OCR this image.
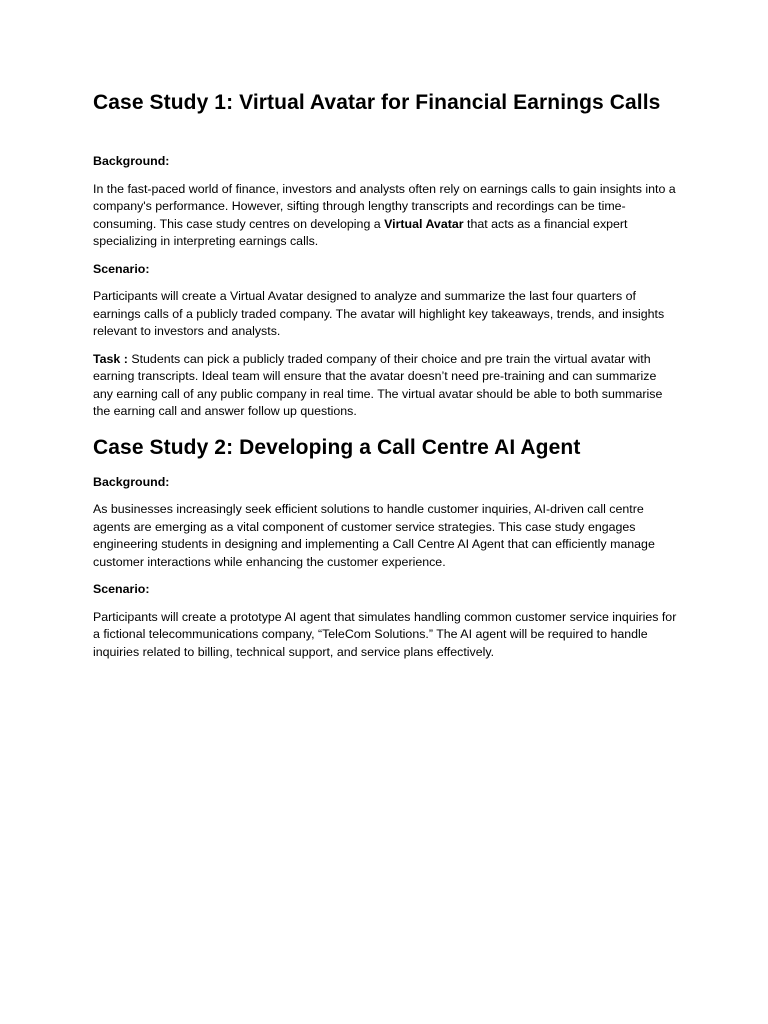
Case Study 1: Virtual Avatar for Financial Earnings Calls

Background:

In the fast-paced world of finance, investors and analysts often rely on earnings calls to gain insights into a company's performance. However, sifting through lengthy transcripts and recordings can be time-consuming. This case study centres on developing a Virtual Avatar that acts as a financial expert specializing in interpreting earnings calls.

Scenario:

Participants will create a Virtual Avatar designed to analyze and summarize the last four quarters of earnings calls of a publicly traded company. The avatar will highlight key takeaways, trends, and insights relevant to investors and analysts.

Task : Students can pick a publicly traded company of their choice and pre train the virtual avatar with earning transcripts. Ideal team will ensure that the avatar doesn’t need pre-training and can summarize any earning call of any public company in real time. The virtual avatar should be able to both summarise the earning call and answer follow up questions.

Case Study 2: Developing a Call Centre AI Agent

Background:

As businesses increasingly seek efficient solutions to handle customer inquiries, AI-driven call centre agents are emerging as a vital component of customer service strategies. This case study engages engineering students in designing and implementing a Call Centre AI Agent that can efficiently manage customer interactions while enhancing the customer experience.

Scenario:

Participants will create a prototype AI agent that simulates handling common customer service inquiries for a fictional telecommunications company, “TeleCom Solutions.” The AI agent will be required to handle inquiries related to billing, technical support, and service plans effectively.
